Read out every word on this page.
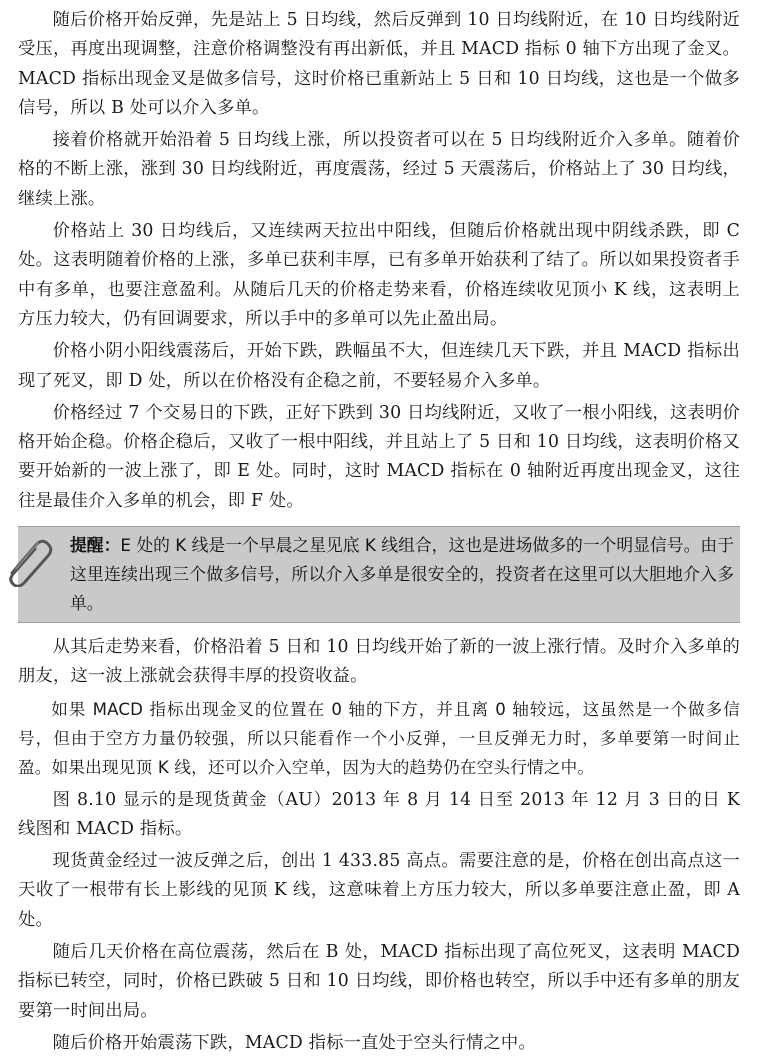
随后价格开始反弹，先是站上 5 日均线，然后反弹到 10 日均线附近，在 10 日均线附近受压，再度出现调整，注意价格调整没有再出新低，并且 MACD 指标 0 轴下方出现了金叉。MACD 指标出现金叉是做多信号，这时价格已重新站上 5 日和 10 日均线，这也是一个做多信号，所以 B 处可以介入多单。

接着价格就开始沿着 5 日均线上涨，所以投资者可以在 5 日均线附近介入多单。随着价格的不断上涨，涨到 30 日均线附近，再度震荡，经过 5 天震荡后，价格站上了 30 日均线，继续上涨。

价格站上 30 日均线后，又连续两天拉出中阳线，但随后价格就出现中阴线杀跌，即 C 处。这表明随着价格的上涨，多单已获利丰厚，已有多单开始获利了结了。所以如果投资者手中有多单，也要注意盈利。从随后几天的价格走势来看，价格连续收见顶小 K 线，这表明上方压力较大，仍有回调要求，所以手中的多单可以先止盈出局。

价格小阴小阳线震荡后，开始下跌，跌幅虽不大，但连续几天下跌，并且 MACD 指标出现了死叉，即 D 处，所以在价格没有企稳之前，不要轻易介入多单。

价格经过 7 个交易日的下跌，正好下跌到 30 日均线附近，又收了一根小阳线，这表明价格开始企稳。价格企稳后，又收了一根中阳线，并且站上了 5 日和 10 日均线，这表明价格又要开始新的一波上涨了，即 E 处。同时，这时 MACD 指标在 0 轴附近再度出现金叉，这往往是最佳介入多单的机会，即 F 处。

提醒：E 处的 K 线是一个早晨之星见底 K 线组合，这也是进场做多的一个明显信号。由于这里连续出现三个做多信号，所以介入多单是很安全的，投资者在这里可以大胆地介入多单。

从其后走势来看，价格沿着 5 日和 10 日均线开始了新的一波上涨行情。及时介入多单的朋友，这一波上涨就会获得丰厚的投资收益。

如果 MACD 指标出现金叉的位置在 0 轴的下方，并且离 0 轴较远，这虽然是一个做多信号，但由于空方力量仍较强，所以只能看作一个小反弹，一旦反弹无力时，多单要第一时间止盈。如果出现见顶 K 线，还可以介入空单，因为大的趋势仍在空头行情之中。

图 8.10 显示的是现货黄金（AU）2013 年 8 月 14 日至 2013 年 12 月 3 日的日 K 线图和 MACD 指标。

现货黄金经过一波反弹之后，创出 1 433.85 高点。需要注意的是，价格在创出高点这一天收了一根带有长上影线的见顶 K 线，这意味着上方压力较大，所以多单要注意止盈，即 A 处。

随后几天价格在高位震荡，然后在 B 处，MACD 指标出现了高位死叉，这表明 MACD 指标已转空，同时，价格已跌破 5 日和 10 日均线，即价格也转空，所以手中还有多单的朋友要第一时间出局。

随后价格开始震荡下跌，MACD 指标一直处于空头行情之中。
